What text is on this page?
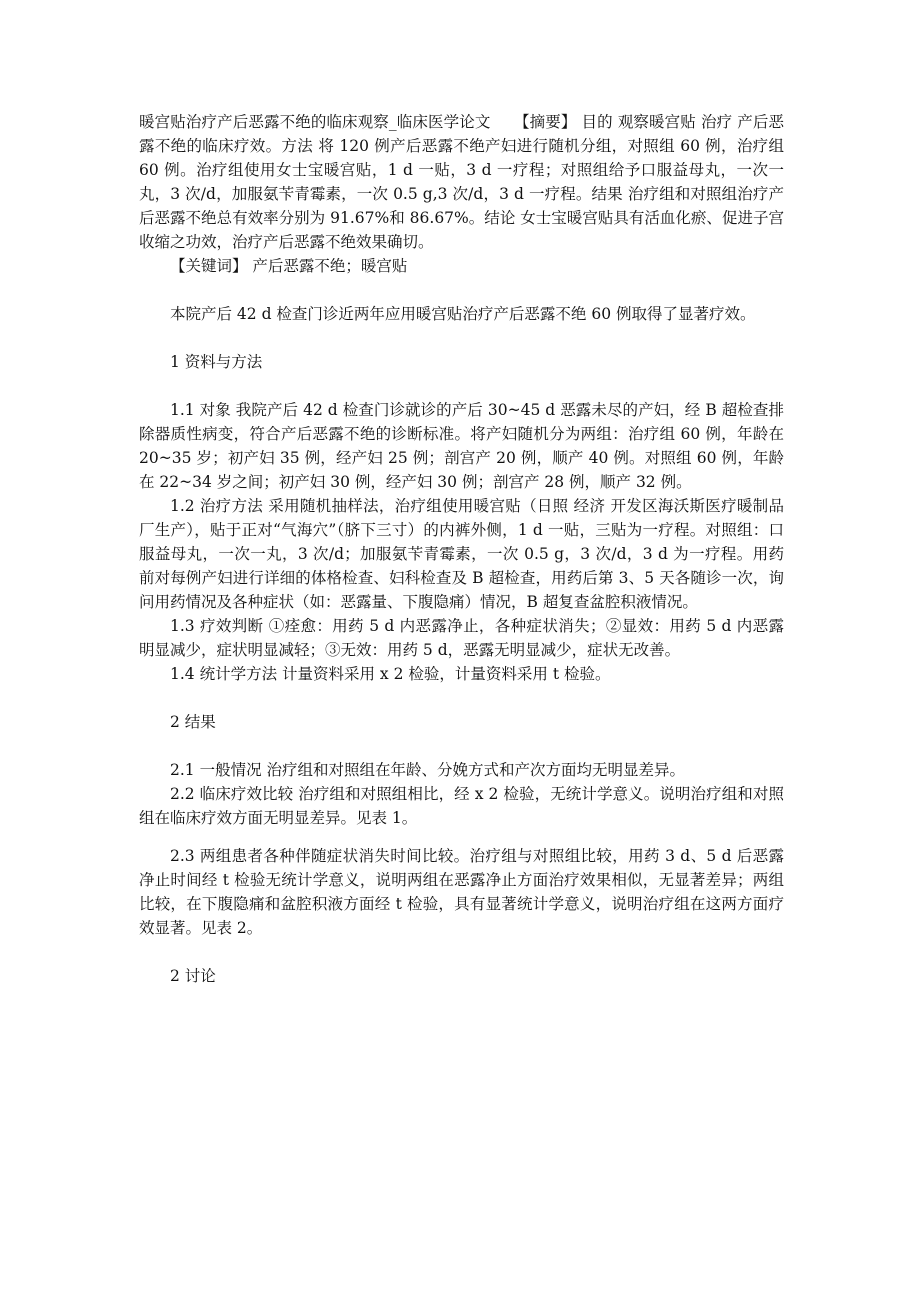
暖宫贴治疗产后恶露不绝的临床观察_临床医学论文　　【摘要】 目的 观察暖宫贴 治疗 产后恶露不绝的临床疗效。方法 将 120 例产后恶露不绝产妇进行随机分组，对照组 60 例，治疗组 60 例。治疗组使用女士宝暖宫贴，1 d 一贴，3 d 一疗程；对照组给予口服益母丸，一次一丸，3 次/d，加服氨苄青霉素，一次 0.5 g,3 次/d，3 d 一疗程。结果 治疗组和对照组治疗产后恶露不绝总有效率分别为 91.67%和 86.67%。结论 女士宝暖宫贴具有活血化瘀、促进子宫收缩之功效，治疗产后恶露不绝效果确切。

【关键词】 产后恶露不绝；暖宫贴

本院产后 42 d 检查门诊近两年应用暖宫贴治疗产后恶露不绝 60 例取得了显著疗效。

1 资料与方法

1.1 对象 我院产后 42 d 检查门诊就诊的产后 30~45 d 恶露未尽的产妇，经 B 超检查排除器质性病变，符合产后恶露不绝的诊断标准。将产妇随机分为两组：治疗组 60 例，年龄在 20~35 岁；初产妇 35 例，经产妇 25 例；剖宫产 20 例，顺产 40 例。对照组 60 例，年龄在 22~34 岁之间；初产妇 30 例，经产妇 30 例；剖宫产 28 例，顺产 32 例。

1.2 治疗方法 采用随机抽样法，治疗组使用暖宫贴（日照 经济 开发区海沃斯医疗暖制品厂生产），贴于正对“气海穴”（脐下三寸）的内裤外侧，1 d 一贴，三贴为一疗程。对照组：口服益母丸，一次一丸，3 次/d；加服氨苄青霉素，一次 0.5 g，3 次/d，3 d 为一疗程。用药前对每例产妇进行详细的体格检查、妇科检查及 B 超检查，用药后第 3、5 天各随诊一次，询问用药情况及各种症状（如：恶露量、下腹隐痛）情况，B 超复查盆腔积液情况。

1.3 疗效判断 ①痊愈：用药 5 d 内恶露净止，各种症状消失；②显效：用药 5 d 内恶露明显减少，症状明显减轻；③无效：用药 5 d，恶露无明显减少，症状无改善。

1.4 统计学方法 计量资料采用 x 2 检验，计量资料采用 t 检验。

2 结果

2.1 一般情况 治疗组和对照组在年龄、分娩方式和产次方面均无明显差异。

2.2 临床疗效比较 治疗组和对照组相比，经 x 2 检验，无统计学意义。说明治疗组和对照组在临床疗效方面无明显差异。见表 1。

2.3 两组患者各种伴随症状消失时间比较。治疗组与对照组比较，用药 3 d、5 d 后恶露净止时间经 t 检验无统计学意义，说明两组在恶露净止方面治疗效果相似，无显著差异；两组比较，在下腹隐痛和盆腔积液方面经 t 检验，具有显著统计学意义，说明治疗组在这两方面疗效显著。见表 2。

2 讨论
